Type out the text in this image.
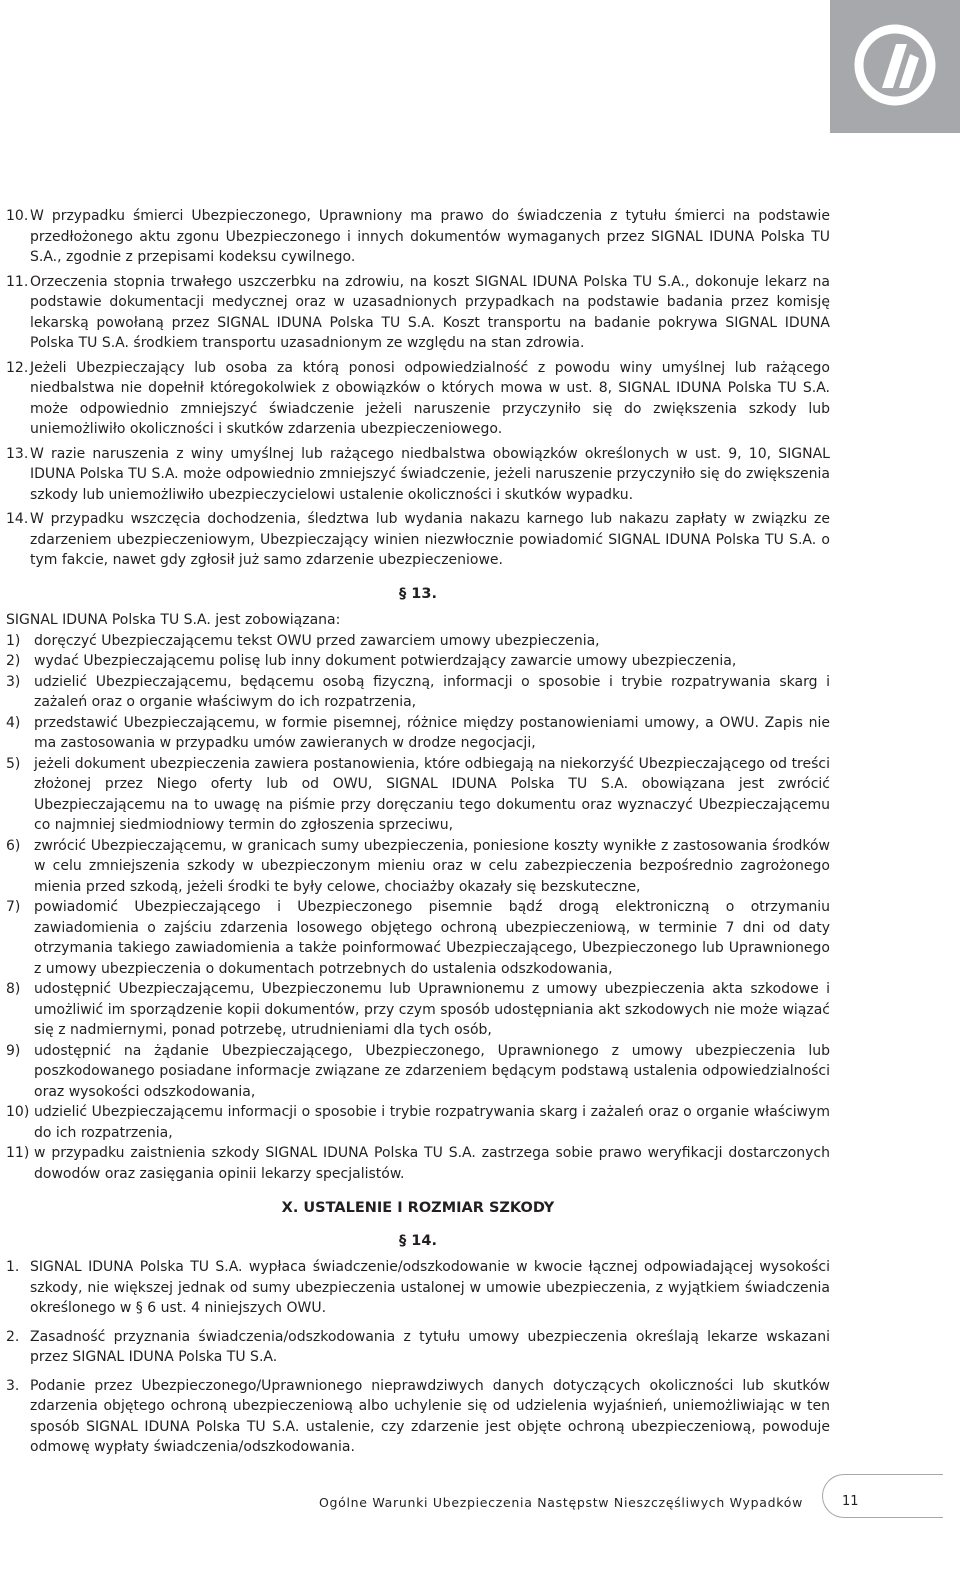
10. W przypadku śmierci Ubezpieczonego, Uprawniony ma prawo do świadczenia z tytułu śmierci na podstawie przedłożonego aktu zgonu Ubezpieczonego i innych dokumentów wymaganych przez SIGNAL IDUNA Polska TU S.A., zgodnie z przepisami kodeksu cywilnego.
11. Orzeczenia stopnia trwałego uszczerbku na zdrowiu, na koszt SIGNAL IDUNA Polska TU S.A., dokonuje lekarz na podstawie dokumentacji medycznej oraz w uzasadnionych przypadkach na podstawie badania przez komisję lekarską powołaną przez SIGNAL IDUNA Polska TU S.A. Koszt transportu na badanie pokrywa SIGNAL IDUNA Polska TU S.A. środkiem transportu uzasadnionym ze względu na stan zdrowia.
12. Jeżeli Ubezpieczający lub osoba za którą ponosi odpowiedzialność z powodu winy umyślnej lub rażącego niedbalstwa nie dopełnił któregokolwiek z obowiązków o których mowa w ust. 8, SIGNAL IDUNA Polska TU S.A. może odpowiednio zmniejszyć świadczenie jeżeli naruszenie przyczyniło się do zwiększenia szkody lub uniemożliwiło okoliczności i skutków zdarzenia ubezpieczeniowego.
13. W razie naruszenia z winy umyślnej lub rażącego niedbalstwa obowiązków określonych w ust. 9, 10, SIGNAL IDUNA Polska TU S.A. może odpowiednio zmniejszyć świadczenie, jeżeli naruszenie przyczyniło się do zwiększenia szkody lub uniemożliwiło ubezpieczycielowi ustalenie okoliczności i skutków wypadku.
14. W przypadku wszczęcia dochodzenia, śledztwa lub wydania nakazu karnego lub nakazu zapłaty w związku ze zdarzeniem ubezpieczeniowym, Ubezpieczający winien niezwłocznie powiadomić SIGNAL IDUNA Polska TU S.A. o tym fakcie, nawet gdy zgłosił już samo zdarzenie ubezpieczeniowe.
§ 13.

SIGNAL IDUNA Polska TU S.A. jest zobowiązana:

1) doręczyć Ubezpieczającemu tekst OWU przed zawarciem umowy ubezpieczenia,
2) wydać Ubezpieczającemu polisę lub inny dokument potwierdzający zawarcie umowy ubezpieczenia,
3) udzielić Ubezpieczającemu, będącemu osobą fizyczną, informacji o sposobie i trybie rozpatrywania skarg i zażaleń oraz o organie właściwym do ich rozpatrzenia,
4) przedstawić Ubezpieczającemu, w formie pisemnej, różnice między postanowieniami umowy, a OWU. Zapis nie ma zastosowania w przypadku umów zawieranych w drodze negocjacji,
5) jeżeli dokument ubezpieczenia zawiera postanowienia, które odbiegają na niekorzyść Ubezpieczającego od treści złożonej przez Niego oferty lub od OWU, SIGNAL IDUNA Polska TU S.A. obowiązana jest zwrócić Ubezpieczającemu na to uwagę na piśmie przy doręczaniu tego dokumentu oraz wyznaczyć Ubezpieczającemu co najmniej siedmiodniowy termin do zgłoszenia sprzeciwu,
6) zwrócić Ubezpieczającemu, w granicach sumy ubezpieczenia, poniesione koszty wynikłe z zastosowania środków w celu zmniejszenia szkody w ubezpieczonym mieniu oraz w celu zabezpieczenia bezpośrednio zagrożonego mienia przed szkodą, jeżeli środki te były celowe, chociażby okazały się bezskuteczne,
7) powiadomić Ubezpieczającego i Ubezpieczonego pisemnie bądź drogą elektroniczną o otrzymaniu zawiadomienia o zajściu zdarzenia losowego objętego ochroną ubezpieczeniową, w terminie 7 dni od daty otrzymania takiego zawiadomienia a także poinformować Ubezpieczającego, Ubezpieczonego lub Uprawnionego z umowy ubezpieczenia o dokumentach potrzebnych do ustalenia odszkodowania,
8) udostępnić Ubezpieczającemu, Ubezpieczonemu lub Uprawnionemu z umowy ubezpieczenia akta szkodowe i umożliwić im sporządzenie kopii dokumentów, przy czym sposób udostępniania akt szkodowych nie może wiązać się z nadmiernymi, ponad potrzebę, utrudnieniami dla tych osób,
9) udostępnić na żądanie Ubezpieczającego, Ubezpieczonego, Uprawnionego z umowy ubezpieczenia lub poszkodowanego posiadane informacje związane ze zdarzeniem będącym podstawą ustalenia odpowiedzialności oraz wysokości odszkodowania,
10) udzielić Ubezpieczającemu informacji o sposobie i trybie rozpatrywania skarg i zażaleń oraz o organie właściwym do ich rozpatrzenia,
11) w przypadku zaistnienia szkody SIGNAL IDUNA Polska TU S.A. zastrzega sobie prawo weryfikacji dostarczonych dowodów oraz zasięgania opinii lekarzy specjalistów.
X. USTALENIE I ROZMIAR SZKODY
§ 14.
1. SIGNAL IDUNA Polska TU S.A. wypłaca świadczenie/odszkodowanie w kwocie łącznej odpowiadającej wysokości szkody, nie większej jednak od sumy ubezpieczenia ustalonej w umowie ubezpieczenia, z wyjątkiem świadczenia określonego w § 6 ust. 4 niniejszych OWU.
2. Zasadność przyznania świadczenia/odszkodowania z tytułu umowy ubezpieczenia określają lekarze wskazani przez SIGNAL IDUNA Polska TU S.A.
3. Podanie przez Ubezpieczonego/Uprawnionego nieprawdziwych danych dotyczących okoliczności lub skutków zdarzenia objętego ochroną ubezpieczeniową albo uchylenie się od udzielenia wyjaśnień, uniemożliwiając w ten sposób SIGNAL IDUNA Polska TU S.A. ustalenie, czy zdarzenie jest objęte ochroną ubezpieczeniową, powoduje odmowę wypłaty świadczenia/odszkodowania.
Ogólne Warunki Ubezpieczenia Następstw Nieszczęśliwych Wypadków	11
